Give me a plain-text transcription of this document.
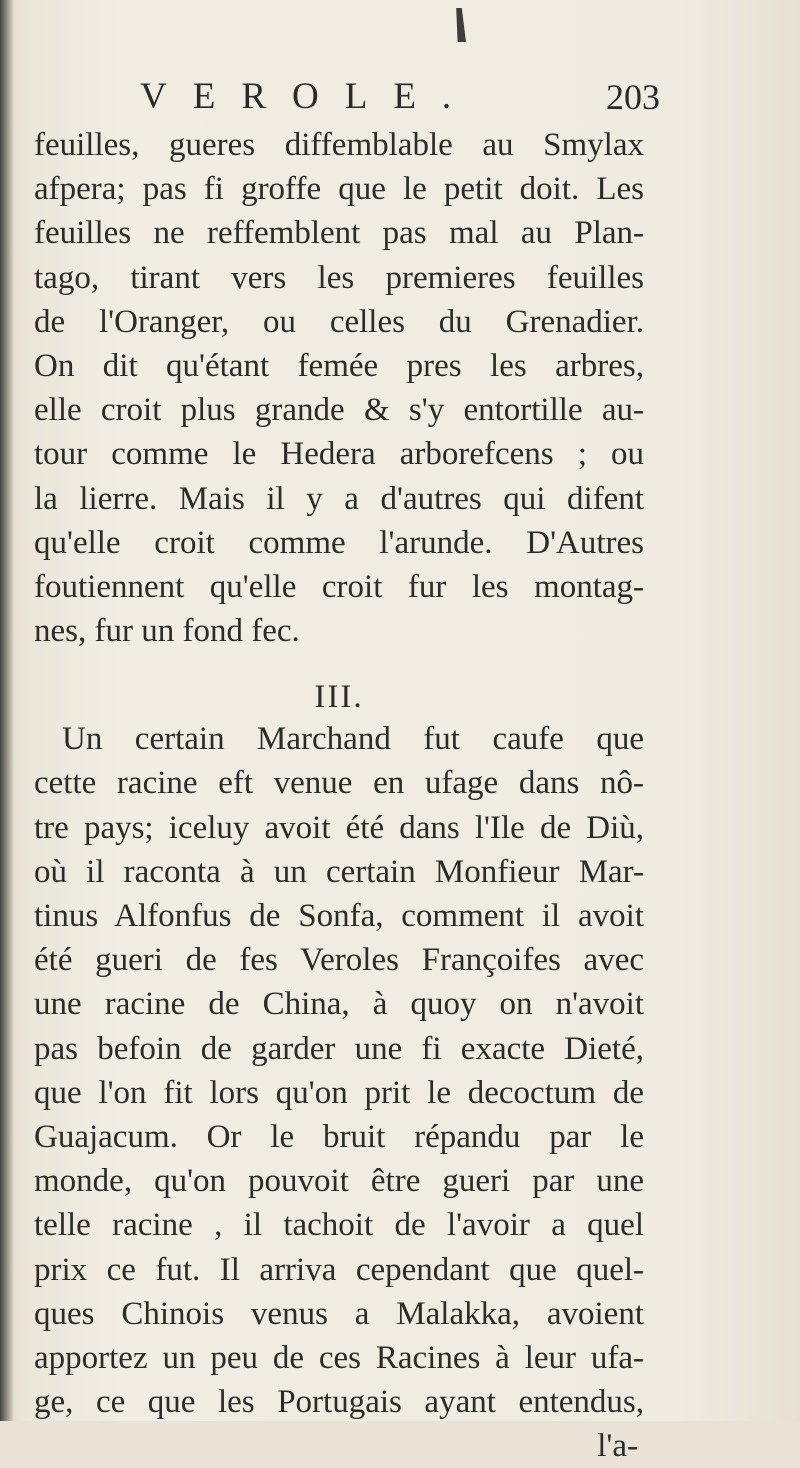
VEROLE.	203
feuilles, gueres diffemblable au Smylax
afpera; pas fi groffe que le petit doit. Les
feuilles ne reffemblent pas mal au Plan-
tago, tirant vers les premieres feuilles
de l'Oranger, ou celles du Grenadier.
On dit qu'étant femée pres les arbres,
elle croit plus grande & s'y entortille au-
tour comme le Hedera arborefcens ; ou
la lierre. Mais il y a d'autres qui difent
qu'elle croit comme l'arunde. D'Autres
foutiennent qu'elle croit fur les montag-
nes, fur un fond fec.
III.
Un certain Marchand fut caufe que
cette racine eft venue en ufage dans nô-
tre pays; iceluy avoit été dans l'Ile de Diù,
où il raconta à un certain Monfieur Mar-
tinus Alfonfus de Sonfa, comment il avoit
été gueri de fes Veroles Françoifes avec
une racine de China, à quoy on n'avoit
pas befoin de garder une fi exacte Dieté,
que l'on fit lors qu'on prit le decoctum de
Guajacum. Or le bruit répandu par le
monde, qu'on pouvoit être gueri par une
telle racine , il tachoit de l'avoir a quel
prix ce fut. Il arriva cependant que quel-
ques Chinois venus a Malakka, avoient
apportez un peu de ces Racines à leur ufa-
ge, ce que les Portugais ayant entendus,
l'a-
